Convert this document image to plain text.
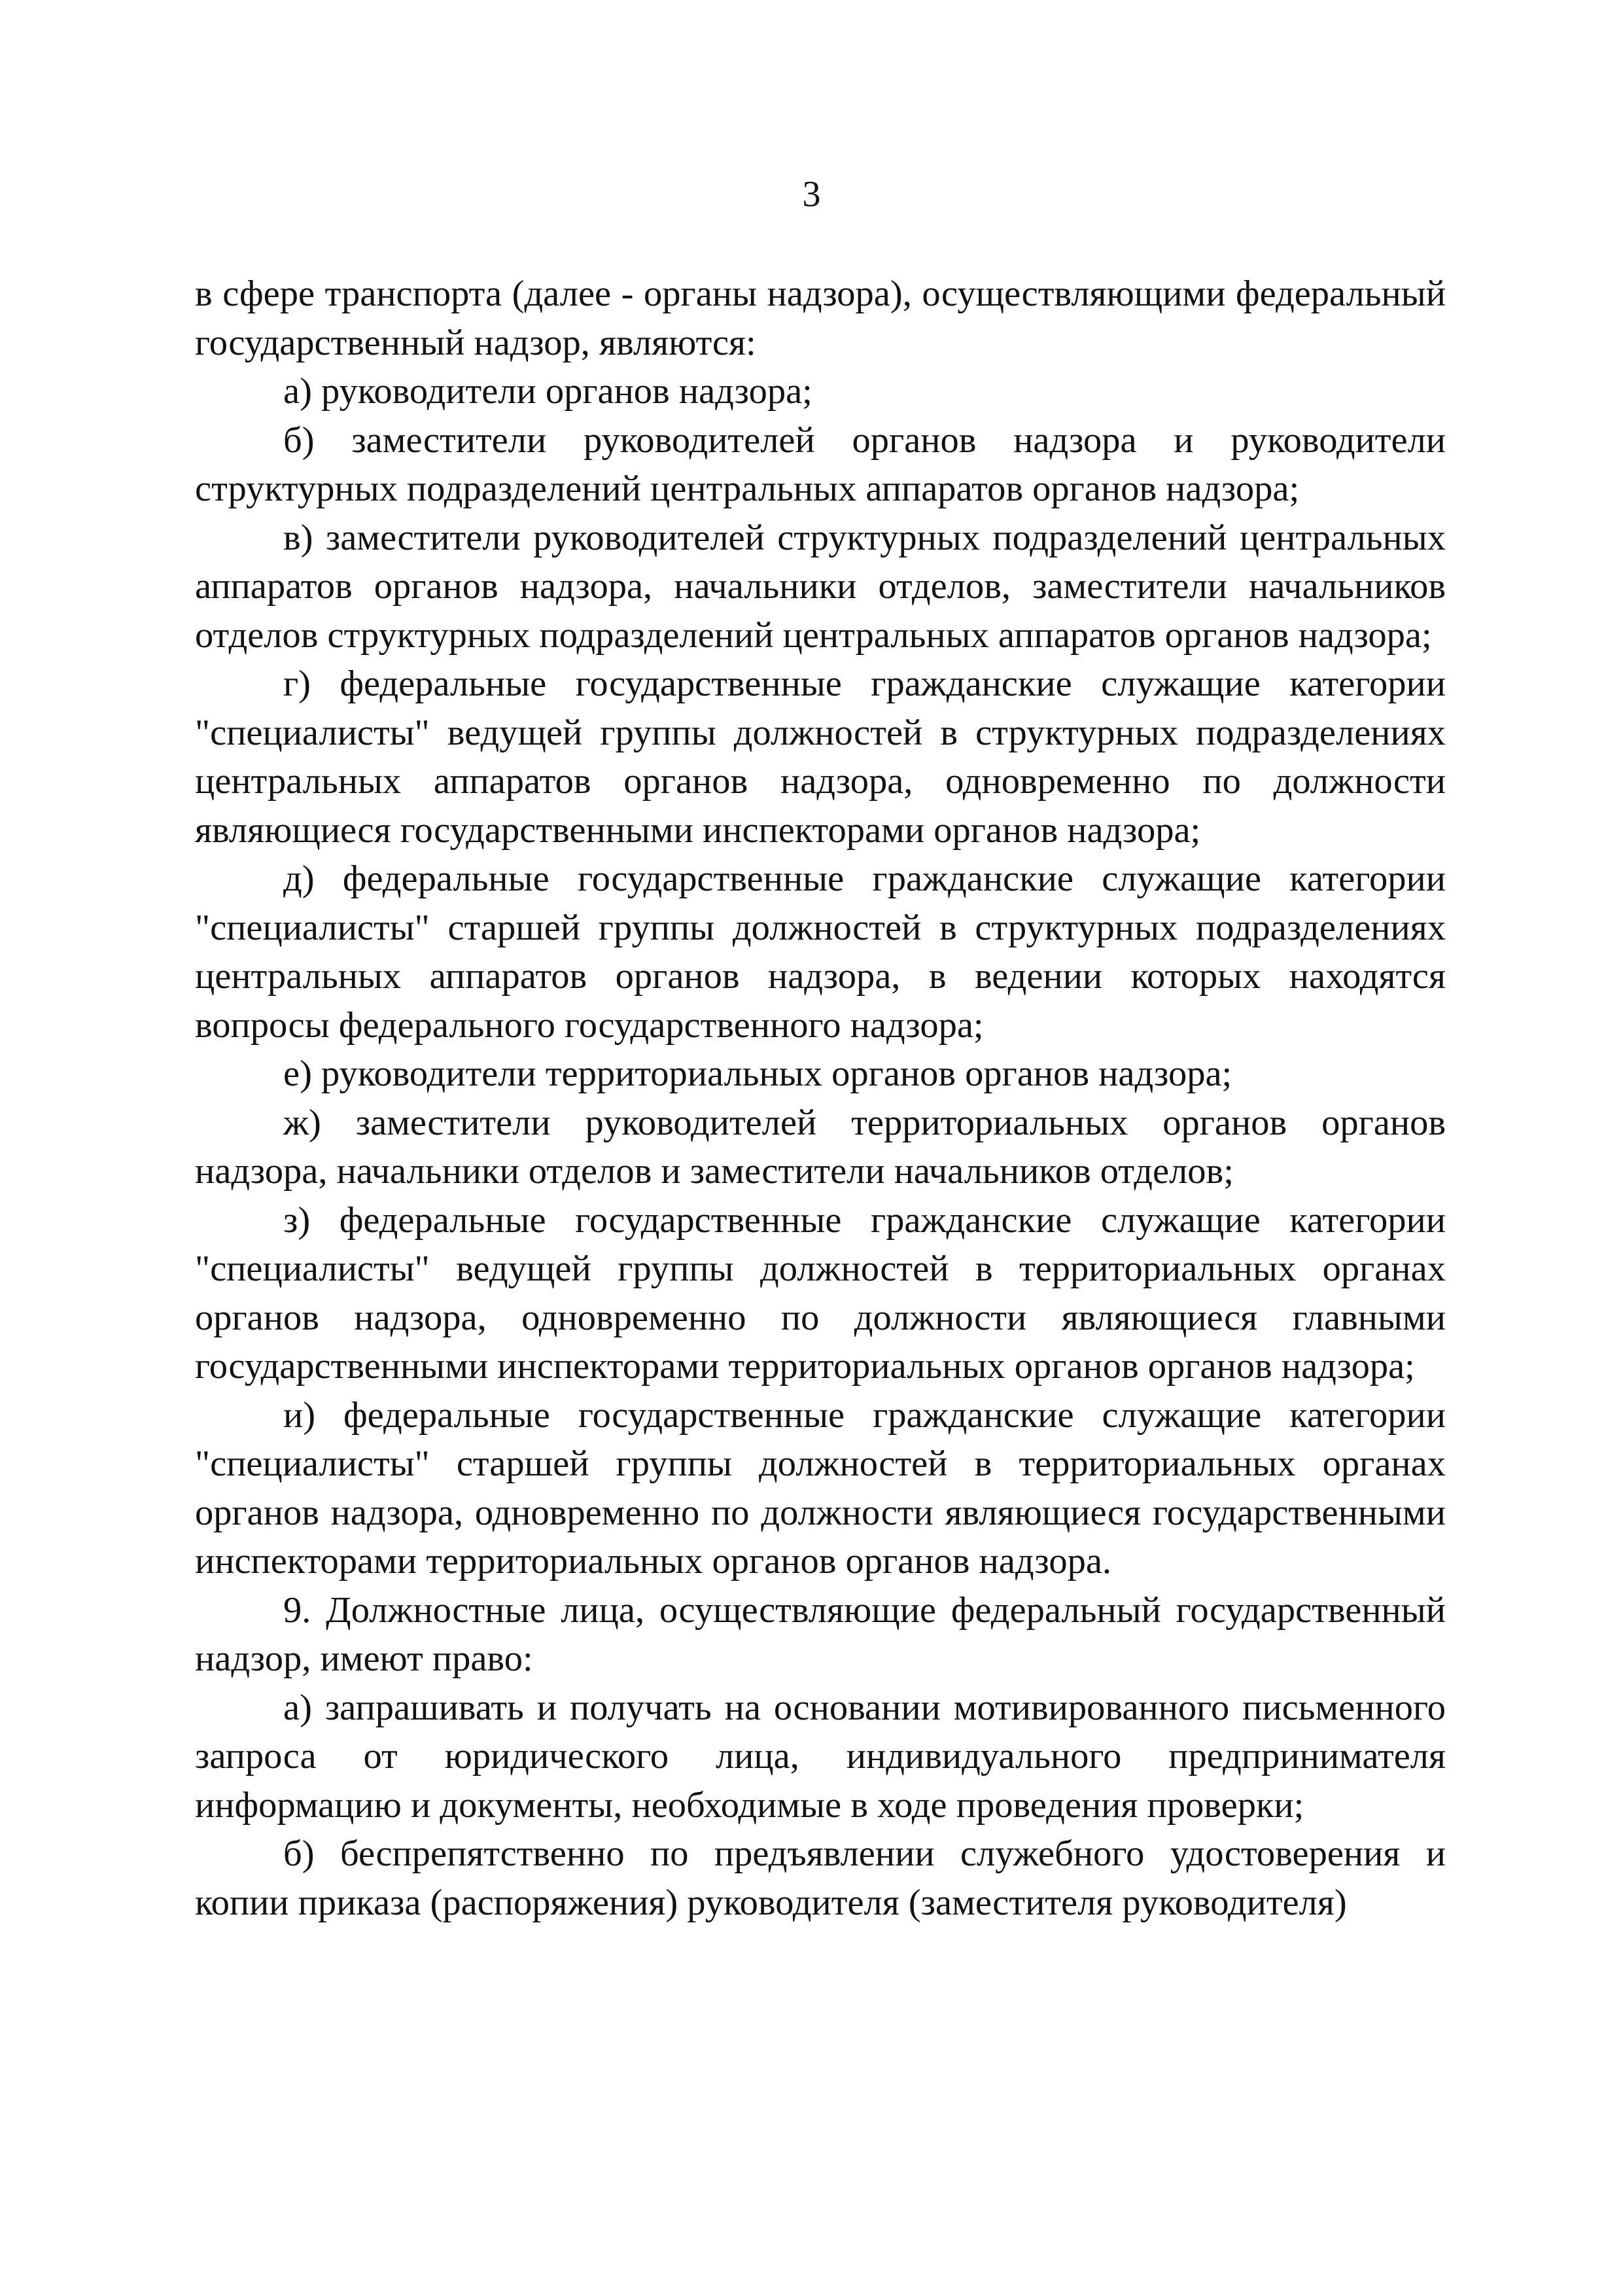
3

в сфере транспорта (далее - органы надзора), осуществляющими федеральный государственный надзор, являются:

а) руководители органов надзора;

б) заместители руководителей органов надзора и руководители структурных подразделений центральных аппаратов органов надзора;

в) заместители руководителей структурных подразделений центральных аппаратов органов надзора, начальники отделов, заместители начальников отделов структурных подразделений центральных аппаратов органов надзора;

г) федеральные государственные гражданские служащие категории "специалисты" ведущей группы должностей в структурных подразделениях центральных аппаратов органов надзора, одновременно по должности являющиеся государственными инспекторами органов надзора;

д) федеральные государственные гражданские служащие категории "специалисты" старшей группы должностей в структурных подразделениях центральных аппаратов органов надзора, в ведении которых находятся вопросы федерального государственного надзора;

е) руководители территориальных органов органов надзора;

ж) заместители руководителей территориальных органов органов надзора, начальники отделов и заместители начальников отделов;

з) федеральные государственные гражданские служащие категории "специалисты" ведущей группы должностей в территориальных органах органов надзора, одновременно по должности являющиеся главными государственными инспекторами территориальных органов органов надзора;

и) федеральные государственные гражданские служащие категории "специалисты" старшей группы должностей в территориальных органах органов надзора, одновременно по должности являющиеся государственными инспекторами территориальных органов органов надзора.

9. Должностные лица, осуществляющие федеральный государственный надзор, имеют право:

а) запрашивать и получать на основании мотивированного письменного запроса от юридического лица, индивидуального предпринимателя информацию и документы, необходимые в ходе проведения проверки;

б) беспрепятственно по предъявлении служебного удостоверения и копии приказа (распоряжения) руководителя (заместителя руководителя)
